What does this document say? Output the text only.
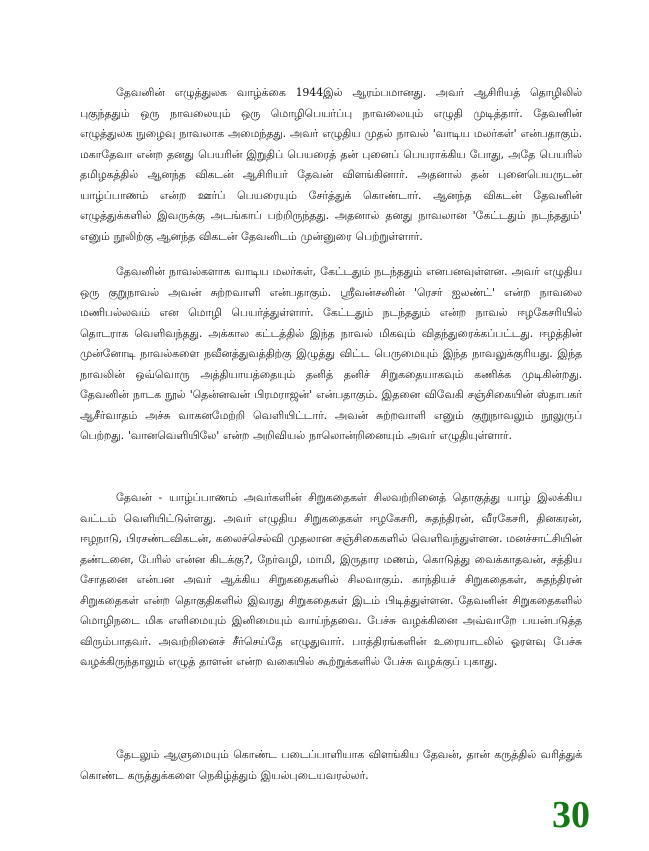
தேவனின் எழுத்துலக வாழ்க்கை 1944இல் ஆரம்பமானது. அவர் ஆசிரியத் தொழிலில் புகுந்ததும் ஒரு நாவலையும் ஒரு மொழிபெயர்ப்பு நாவலையும் எழுதி முடித்தார். தேவனின் எழுத்துலக நுழைவு நாவலாக அமைந்தது. அவர் எழுதிய முதல் நாவல் 'வாடிய மலர்கள்' என்பதாகும். மகாதேவா என்ற தனது பெயரின் இறுதிப் பெயரைத் தன் புனைப் பெயராக்கிய போது, அதே பெயரில் தமிழகத்தில் ஆனந்த விகடன் ஆசிரியர் தேவன் விளங்கினார். அதனால் தன் புனைபெயருடன் யாழ்ப்பாணம் என்ற ஊர்ப் பெயரையும் சேர்த்துக் கொண்டார். ஆனந்த விகடன் தேவனின் எழுத்துக்களில் இவருக்கு அடங்காப் பற்றிருந்தது. அதனால் தனது நாவலான 'கேட்டதும் நடந்ததும்' எனும் நூலிற்கு ஆனந்த விகடன் தேவனிடம் முன்னுரை பெற்றுள்ளார்.

தேவனின் நாவல்களாக வாடிய மலர்கள், கேட்டதும் நடந்ததும் எனபனவுள்ளன. அவர் எழுதிய ஒரு குறுநாவல் அவன் சுற்றவாளி என்பதாகும். ஸ்ரீவன்சனின் 'ரெசர் ஐலண்ட்' என்ற நாவலை மணிபல்லவம் என மொழி பெயர்த்துள்ளார். கேட்டதும் நடந்ததும் என்ற நாவல் ஈழகேசரியில் தொடராக வெளிவந்தது. அக்கால கட்டத்தில் இந்த நாவல் மிகவும் விதந்துரைக்கப்பட்டது. ஈழத்தின் முன்னோடி நாவல்களை நவீனத்துவத்திற்கு இழுத்து விட்ட பெருமையும் இந்த நாவலுக்குரியது. இந்த நாவலின் ஒவ்வொரு அத்தியாயத்தையும் தனித் தனிச் சிறுகதையாகவும் கணிக்க முடிகின்றது. தேவனின் நாடக நூல் 'தென்னவன் பிரமராஜன்' என்பதாகும். இதனை விவேகி சஞ்சிகையின் ஸ்தாபகர் ஆசீர்வாதம் அச்சு வாகனமேற்றி வெளியிட்டார். அவன் சுற்றவாளி எனும் குறுநாவலும் நூலுருப் பெற்றது. 'வானவெளியிலே' என்ற அறிவியல் நாலொன்றினையும் அவர் எழுதியுள்ளார்.

தேவன் - யாழ்ப்பாணம் அவர்களின் சிறுகதைகள் சிலவற்றினைத் தொகுத்து யாழ் இலக்கிய வட்டம் வெளியிட்டுள்ளது. அவர் எழுதிய சிறுகதைகள் ஈழகேசரி, சுதந்திரன், வீரகேசரி, தினகரன், ஈழநாடு, பிரசண்டவிகடன், கலைச்செல்வி முதலான சஞ்சிகைகளில் வெளிவந்துள்ளன. மனச்சாட்சியின் தண்டனை, பேரில் என்ன கிடக்கு?, நேர்வழி, மாமி, இருதார மணம், கொடுத்து வைக்காதவன், சத்திய சோதனை என்பன அவர் ஆக்கிய சிறுகதைகளில் சிலவாகும். காந்தியச் சிறுகதைகள், சுதந்திரன் சிறுகதைகள் என்ற தொகுதிகளில் இவரது சிறுகதைகள் இடம் பிடித்துள்ளன. தேவனின் சிறுகதைகளில் மொழிநடை மிக எளிமையும் இனிமையும் வாய்ந்தவை. பேச்சு வழக்கினை அவ்வாறே பயன்படுத்த விரும்பாதவர். அவற்றினைச் சீர்செய்தே எழுதுவார். பாத்திரங்களின் உரையாடலில் ஓரளவு பேச்சு வழக்கிருந்தாலும் எழுத் தாளன் என்ற வகையில் கூற்றுக்களில் பேச்சு வழக்குப் புகாது.

தேடலும் ஆளுமையும் கொண்ட படைப்பாளியாக விளங்கிய தேவன், தான் கருத்தில் வரித்துக் கொண்ட கருத்துக்களை நெகிழ்த்தும் இயல்புடையவரல்லர்.

30
